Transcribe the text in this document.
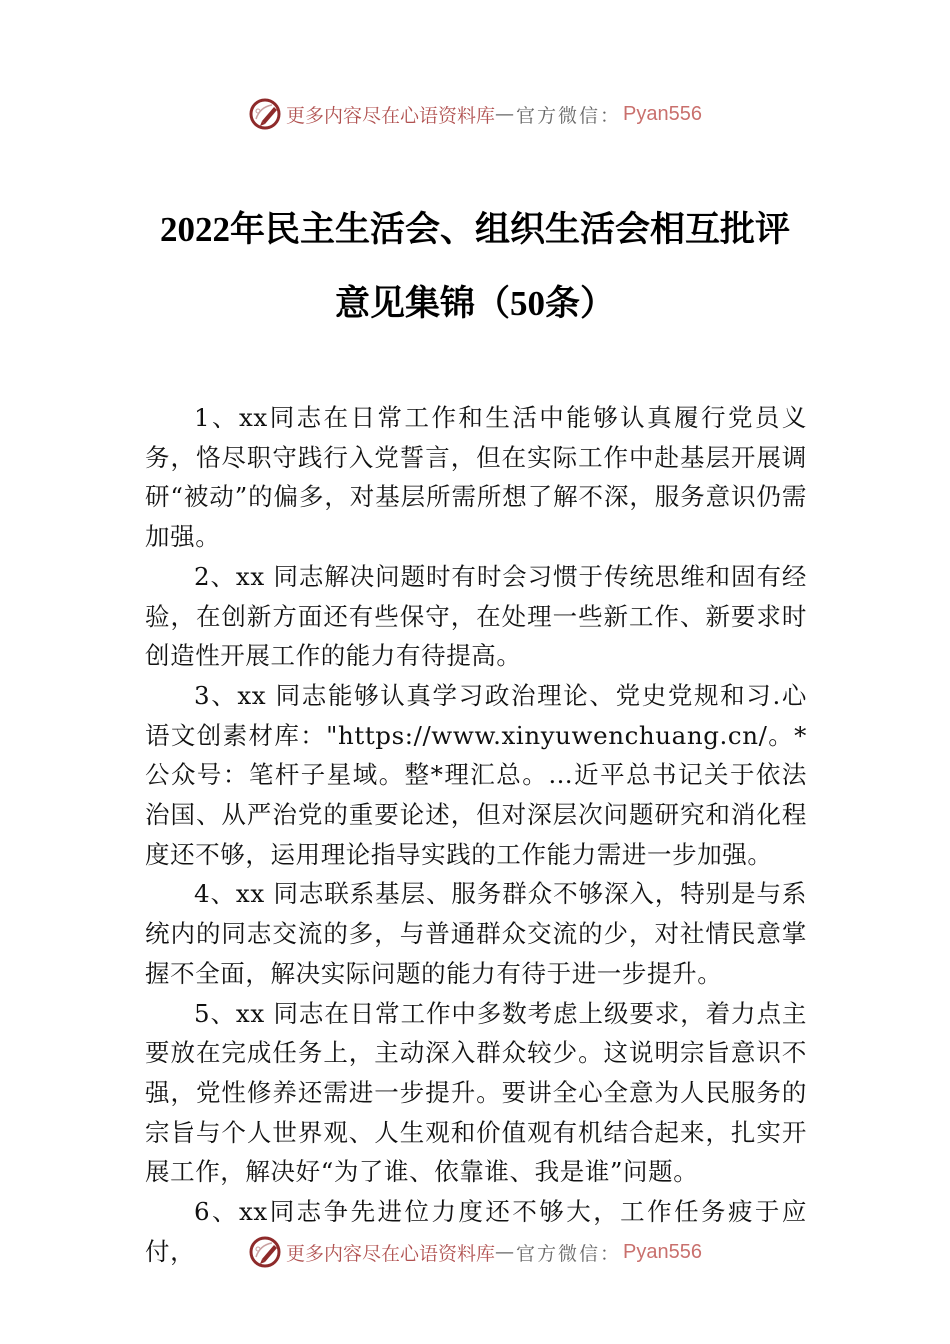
更多内容尽在心语资料库 — 官方微信： Pyan556
2022年民主生活会、组织生活会相互批评
意见集锦（50条）

1、xx同志在日常工作和生活中能够认真履行党员义务，恪尽职守践行入党誓言，但在实际工作中赴基层开展调研“被动”的偏多，对基层所需所想了解不深，服务意识仍需加强。

2、xx 同志解决问题时有时会习惯于传统思维和固有经验，在创新方面还有些保守，在处理一些新工作、新要求时创造性开展工作的能力有待提高。

3、xx 同志能够认真学习政治理论、党史党规和习.心语文创素材库："https://www.xinyuwenchuang.cn/。*公众号：笔杆子星域。整*理汇总。…近平总书记关于依法治国、从严治党的重要论述，但对深层次问题研究和消化程度还不够，运用理论指导实践的工作能力需进一步加强。

4、xx 同志联系基层、服务群众不够深入，特别是与系统内的同志交流的多，与普通群众交流的少，对社情民意掌握不全面，解决实际问题的能力有待于进一步提升。

5、xx 同志在日常工作中多数考虑上级要求，着力点主要放在完成任务上，主动深入群众较少。这说明宗旨意识不强，党性修养还需进一步提升。要讲全心全意为人民服务的宗旨与个人世界观、人生观和价值观有机结合起来，扎实开展工作，解决好“为了谁、依靠谁、我是谁”问题。

6、xx同志争先进位力度还不够大，工作任务疲于应付，	更多内容尽在心语资料库 — 官方微信： Pyan556
